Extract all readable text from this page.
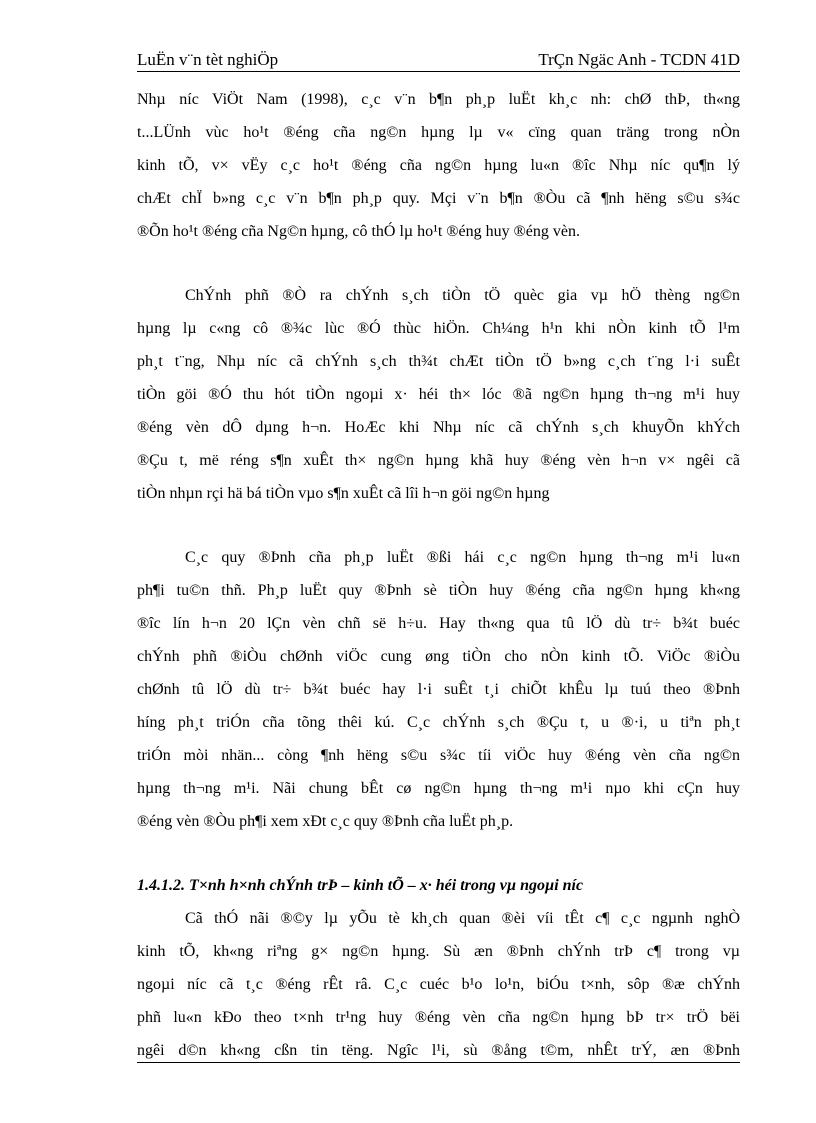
LuËn v¨n tèt nghiÖp	TrÇn Ngäc Anh - TCDN 41D
Nhµ níc ViÖt Nam (1998), c¸c v¨n b¶n ph¸p luËt kh¸c nh: chØ thÞ, th«ng
t...LÜnh vùc ho¹t ®éng cña ng©n hµng lµ v« cïng quan träng trong nÒn
kinh tÕ, v× vËy c¸c ho¹t ®éng cña ng©n hµng lu«n ®îc Nhµ níc qu¶n lý
chÆt chÏ b»ng c¸c v¨n b¶n ph¸p quy. Mçi v¨n b¶n ®Òu cã ¶nh hëng s©u s¾c
®Õn ho¹t ®éng cña Ng©n hµng, cô thÓ lµ ho¹t ®éng huy ®éng vèn.
ChÝnh phñ ®Ò ra chÝnh s¸ch tiÒn tÖ quèc gia vµ hÖ thèng ng©n
hµng lµ c«ng cô ®¾c lùc ®Ó thùc hiÖn. Ch¼ng h¹n khi nÒn kinh tÕ l¹m
ph¸t t¨ng, Nhµ níc cã chÝnh s¸ch th¾t chÆt tiÒn tÖ b»ng c¸ch t¨ng l·i suÊt
tiÒn göi ®Ó thu hót tiÒn ngoµi x· héi th× lóc ®ã ng©n hµng th¬ng m¹i huy
®éng vèn dÔ dµng h¬n. HoÆc khi Nhµ níc cã chÝnh s¸ch khuyÕn khÝch
®Çu t, më réng s¶n xuÊt th× ng©n hµng khã huy ®éng vèn h¬n v× ngêi cã
tiÒn nhµn rçi hä bá tiÒn vµo s¶n xuÊt cã lîi h¬n göi ng©n hµng
C¸c quy ®Þnh cña ph¸p luËt ®ßi hái c¸c ng©n hµng th¬ng m¹i lu«n
ph¶i tu©n thñ. Ph¸p luËt quy ®Þnh sè tiÒn huy ®éng cña ng©n hµng kh«ng
®îc lín h¬n 20 lÇn vèn chñ së h÷u. Hay th«ng qua tû lÖ dù tr÷ b¾t buéc
chÝnh phñ ®iÒu chØnh viÖc cung øng tiÒn cho nÒn kinh tÕ. ViÖc ®iÒu
chØnh tû lÖ dù tr÷ b¾t buéc hay l·i suÊt t¸i chiÕt khÊu lµ tuú theo ®Þnh
híng ph¸t triÓn cña tõng thêi kú. C¸c chÝnh s¸ch ®Çu t, u ®·i, u tiªn ph¸t
triÓn mòi nhän... còng ¶nh hëng s©u s¾c tíi viÖc huy ®éng vèn cña ng©n
hµng th¬ng m¹i. Nãi chung bÊt cø ng©n hµng th¬ng m¹i nµo khi cÇn huy
®éng vèn ®Òu ph¶i xem xÐt c¸c quy ®Þnh cña luËt ph¸p.
1.4.1.2. T×nh h×nh chÝnh trÞ – kinh tÕ – x· héi trong vµ ngoµi níc
Cã thÓ nãi ®©y lµ yÕu tè kh¸ch quan ®èi víi tÊt c¶ c¸c ngµnh nghÒ
kinh tÕ, kh«ng riªng g× ng©n hµng. Sù æn ®Þnh chÝnh trÞ c¶ trong vµ
ngoµi níc cã t¸c ®éng rÊt râ. C¸c cuéc b¹o lo¹n, biÓu t×nh, sôp ®æ chÝnh
phñ lu«n kÐo theo t×nh tr¹ng huy ®éng vèn cña ng©n hµng bÞ tr× trÖ bëi
ngêi d©n kh«ng cßn tin tëng. Ngîc l¹i, sù ®ång t©m, nhÊt trÝ, æn ®Þnh
